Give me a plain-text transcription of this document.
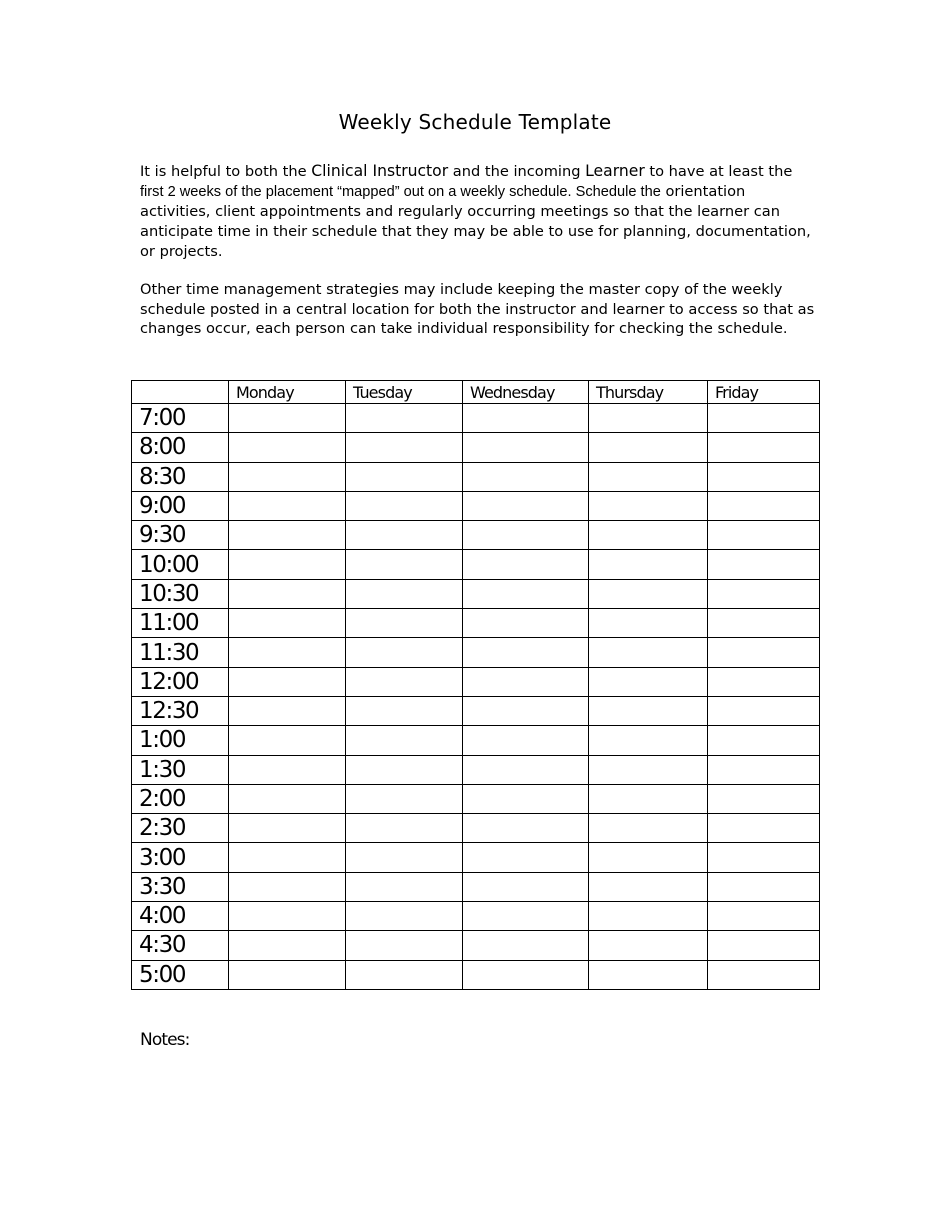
Weekly Schedule Template

It is helpful to both the Clinical Instructor and the incoming Learner to have at least the
first 2 weeks of the placement “mapped” out on a weekly schedule. Schedule the orientation activities, client appointments and regularly occurring meetings so that the learner can anticipate time in their schedule that they may be able to use for planning, documentation, or projects.

Other time management strategies may include keeping the master copy of the weekly schedule posted in a central location for both the instructor and learner to access so that as changes occur, each person can take individual responsibility for checking the schedule.

	Monday	Tuesday	Wednesday	Thursday	Friday
7:00					
8:00					
8:30					
9:00					
9:30					
10:00					
10:30					
11:00					
11:30					
12:00					
12:30					
1:00					
1:30					
2:00					
2:30					
3:00					
3:30					
4:00					
4:30					
5:00					
Notes:
